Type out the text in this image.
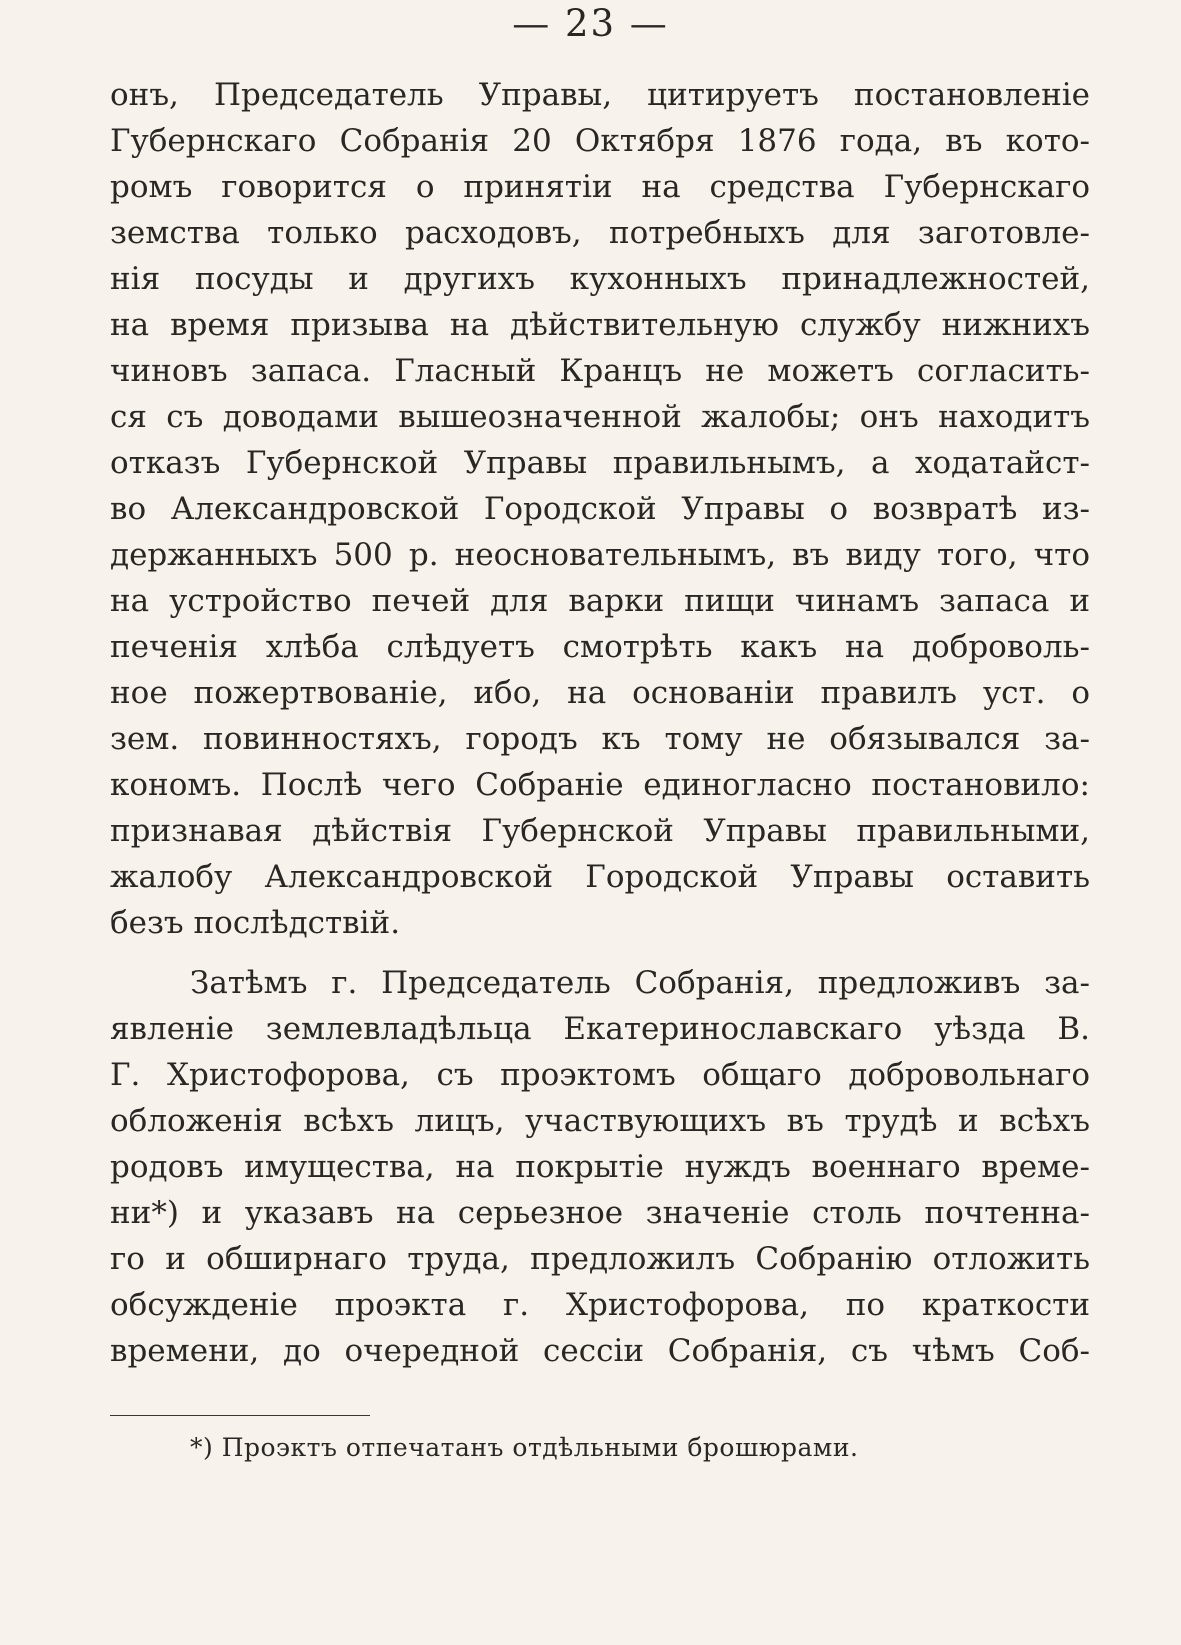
— 23 —
онъ, Председатель Управы, цитируетъ постановленіе
Губернскаго Собранія 20 Октября 1876 года, въ кото-
ромъ говорится о принятіи на средства Губернскаго
земства только расходовъ, потребныхъ для заготовле-
нія посуды и другихъ кухонныхъ принадлежностей,
на время призыва на дѣйствительную службу нижнихъ
чиновъ запаса. Гласный Кранцъ не можетъ согласить-
ся съ доводами вышеозначенной жалобы; онъ находитъ
отказъ Губернской Управы правильнымъ, а ходатайст-
во Александровской Городской Управы о возвратѣ из-
держанныхъ 500 р. неосновательнымъ, въ виду того, что
на устройство печей для варки пищи чинамъ запаса и
печенія хлѣба слѣдуетъ смотрѣть какъ на доброволь-
ное пожертвованіе, ибо, на основаніи правилъ уст. о
зем. повинностяхъ, городъ къ тому не обязывался за-
кономъ. Послѣ чего Собраніе единогласно постановило:
признавая дѣйствія Губернской Управы правильными,
жалобу Александровской Городской Управы оставить
безъ послѣдствій.
Затѣмъ г. Председатель Собранія, предложивъ за-
явленіе землевладѣльца Екатеринославскаго уѣзда В.
Г. Христофорова, съ проэктомъ общаго добровольнаго
обложенія всѣхъ лицъ, участвующихъ въ трудѣ и всѣхъ
родовъ имущества, на покрытіе нуждъ военнаго време-
ни*) и указавъ на серьезное значеніе столь почтенна-
го и обширнаго труда, предложилъ Собранію отложить
обсужденіе проэкта г. Христофорова, по краткости
времени, до очередной сессіи Собранія, съ чѣмъ Соб-
*) Проэктъ отпечатанъ отдѣльными брошюрами.
